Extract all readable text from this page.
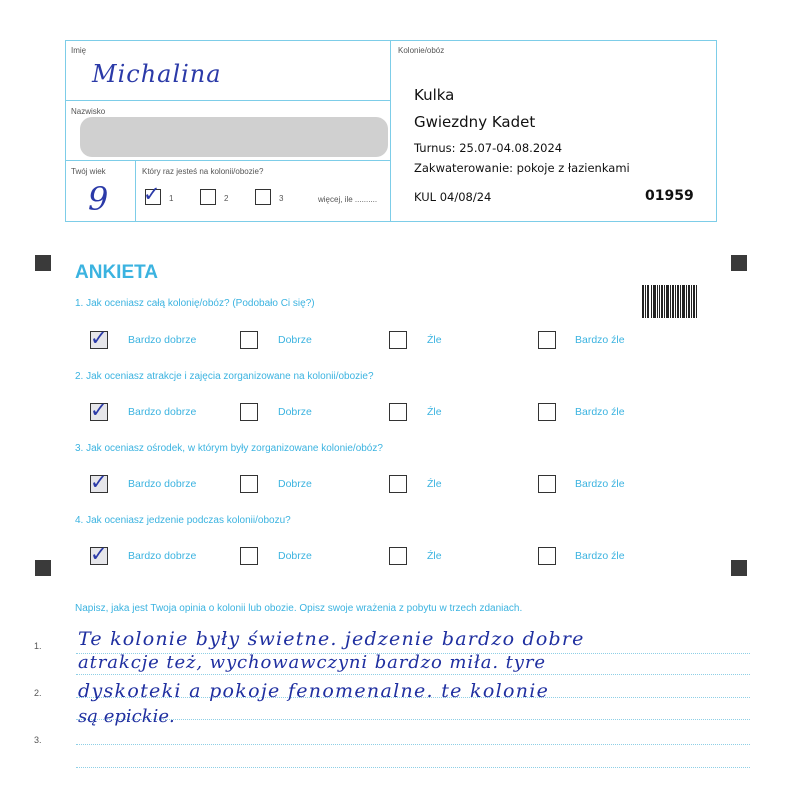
Imię
Michalina
Nazwisko
Twój wiek
9
Który raz jesteś na kolonii/obozie?
✓ 1	2	3	więcej, ile ..........
Kolonie/obóz
Kulka
Gwiezdny Kadet
Turnus: 25.07-04.08.2024
Zakwaterowanie: pokoje z łazienkami
KUL 04/08/24	01959
ANKIETA
1. Jak oceniasz całą kolonię/obóz? (Podobało Ci się?)
✓ Bardzo dobrze	Dobrze	Źle	Bardzo źle
2. Jak oceniasz atrakcje i zajęcia zorganizowane na kolonii/obozie?
✓ Bardzo dobrze	Dobrze	Źle	Bardzo źle
3. Jak oceniasz ośrodek, w którym były zorganizowane kolonie/obóz?
✓ Bardzo dobrze	Dobrze	Źle	Bardzo źle
4. Jak oceniasz jedzenie podczas kolonii/obozu?
✓ Bardzo dobrze	Dobrze	Źle	Bardzo źle
Napisz, jaka jest Twoja opinia o kolonii lub obozie. Opisz swoje wrażenia z pobytu w trzech zdaniach.
1.
2.
3.
Te kolonie były świetne. jedzenie bardzo dobre
atrakcje też, wychowawczyni bardzo miła. tyre
dyskoteki a pokoje fenomenalne. te kolonie
są epickie.
